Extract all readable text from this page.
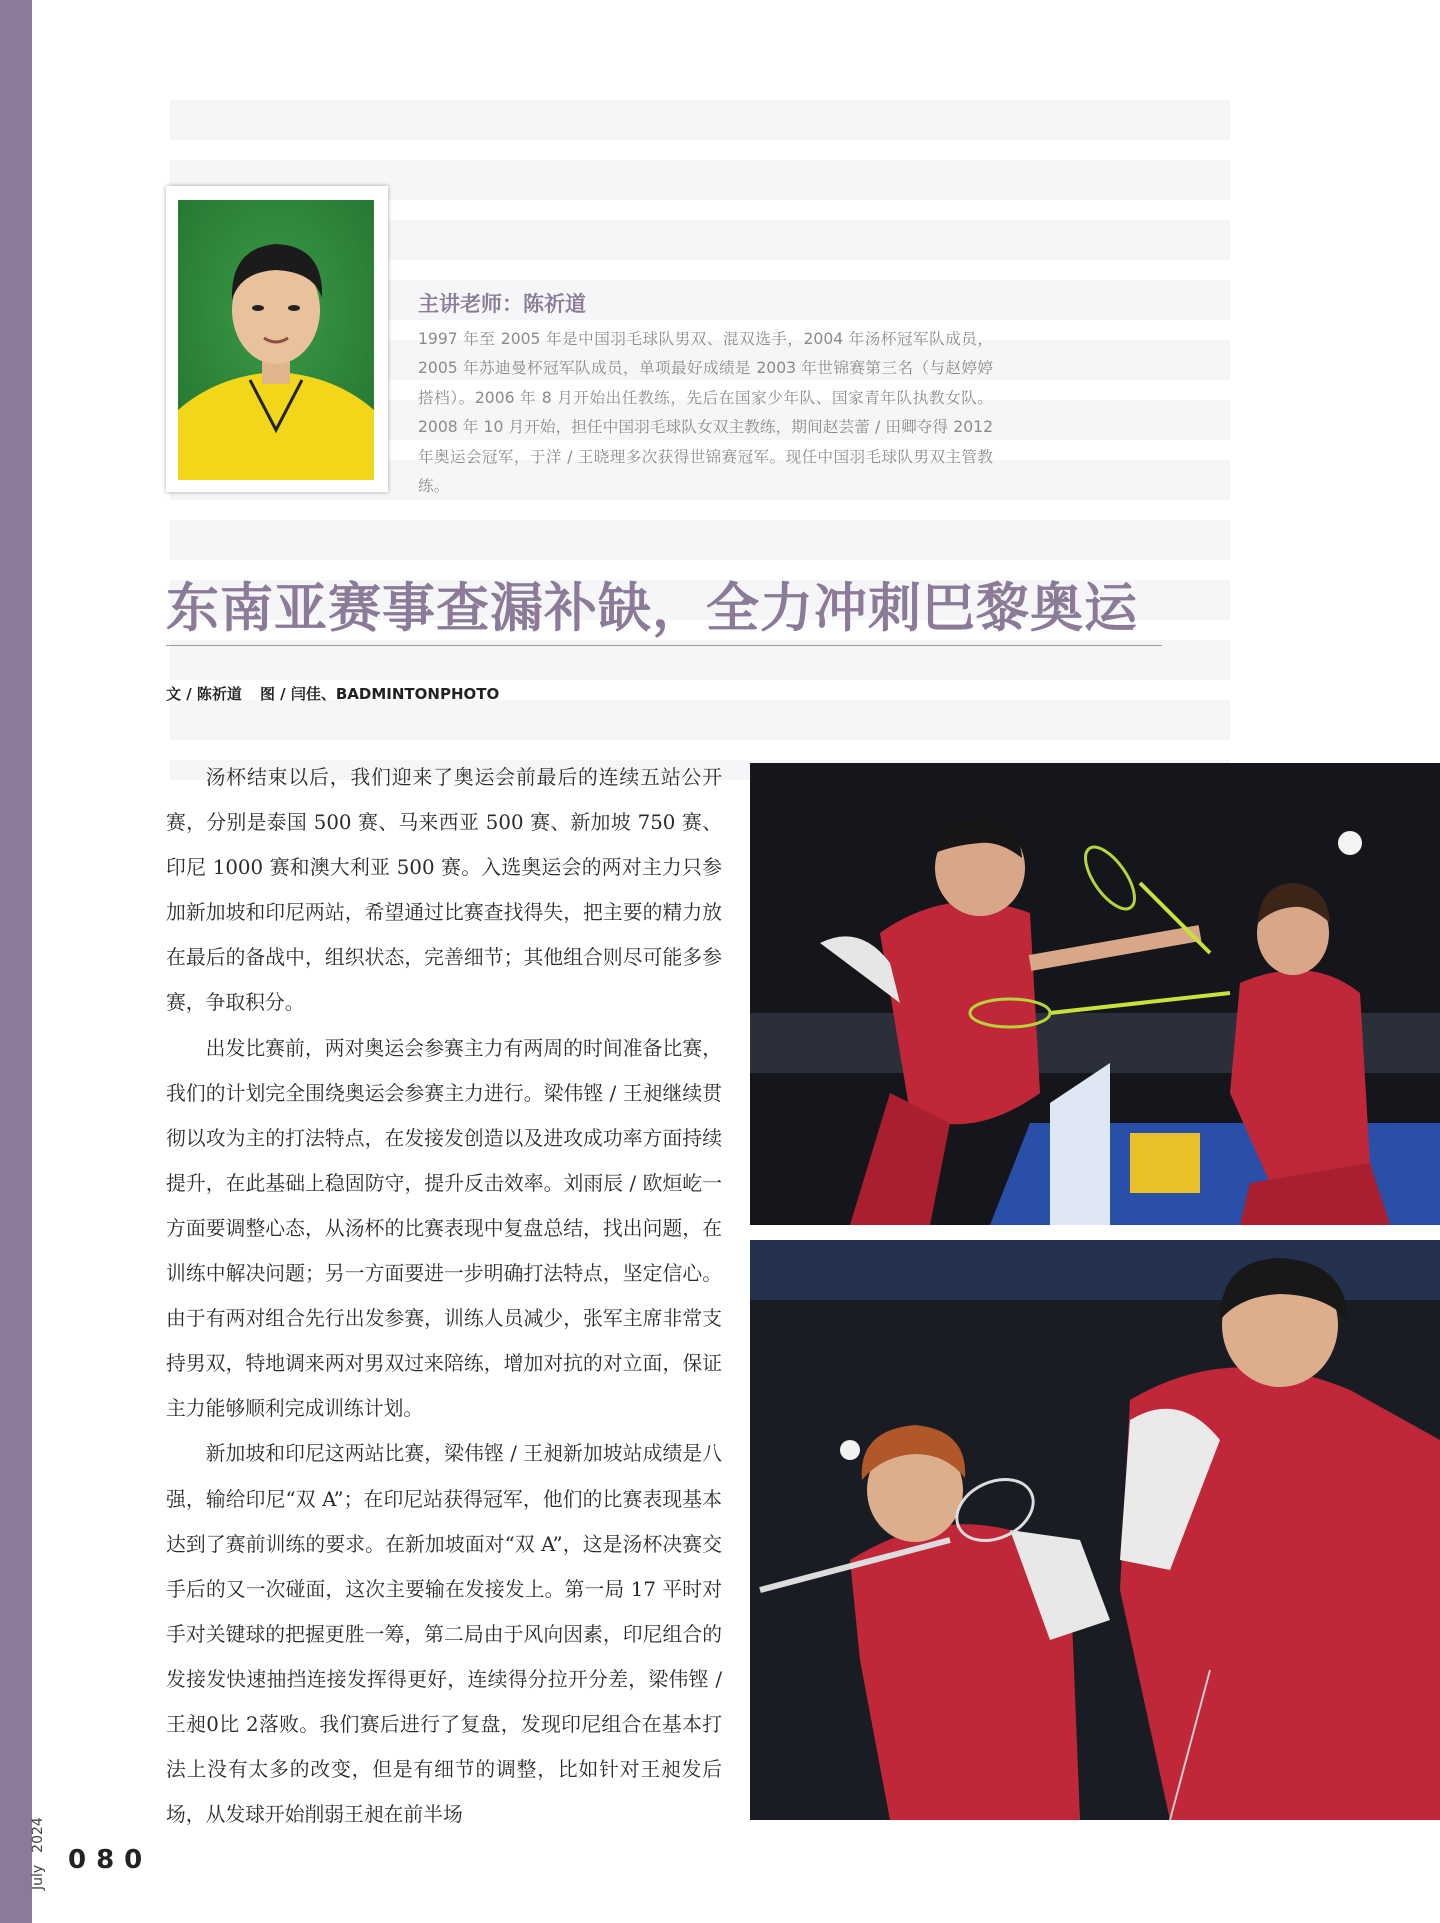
主讲老师：陈祈道

1997 年至 2005 年是中国羽毛球队男双、混双选手，2004 年汤杯冠军队成员，2005 年苏迪曼杯冠军队成员，单项最好成绩是 2003 年世锦赛第三名（与赵婷婷搭档）。2006 年 8 月开始出任教练，先后在国家少年队、国家青年队执教女队。2008 年 10 月开始，担任中国羽毛球队女双主教练，期间赵芸蕾 / 田卿夺得 2012 年奥运会冠军，于洋 / 王晓理多次获得世锦赛冠军。现任中国羽毛球队男双主管教练。

东南亚赛事查漏补缺，全力冲刺巴黎奥运
文 / 陈祈道 图 / 闫佳、BADMINTONPHOTO

汤杯结束以后，我们迎来了奥运会前最后的连续五站公开赛，分别是泰国 500 赛、马来西亚 500 赛、新加坡 750 赛、印尼 1000 赛和澳大利亚 500 赛。入选奥运会的两对主力只参加新加坡和印尼两站，希望通过比赛查找得失，把主要的精力放在最后的备战中，组织状态，完善细节；其他组合则尽可能多参赛，争取积分。

出发比赛前，两对奥运会参赛主力有两周的时间准备比赛，我们的计划完全围绕奥运会参赛主力进行。梁伟铿 / 王昶继续贯彻以攻为主的打法特点，在发接发创造以及进攻成功率方面持续提升，在此基础上稳固防守，提升反击效率。刘雨辰 / 欧烜屹一方面要调整心态，从汤杯的比赛表现中复盘总结，找出问题，在训练中解决问题；另一方面要进一步明确打法特点，坚定信心。由于有两对组合先行出发参赛，训练人员减少，张军主席非常支持男双，特地调来两对男双过来陪练，增加对抗的对立面，保证主力能够顺利完成训练计划。

新加坡和印尼这两站比赛，梁伟铿 / 王昶新加坡站成绩是八强，输给印尼“双 A”；在印尼站获得冠军，他们的比赛表现基本达到了赛前训练的要求。在新加坡面对“双 A”，这是汤杯决赛交手后的又一次碰面，这次主要输在发接发上。第一局 17 平时对手对关键球的把握更胜一筹，第二局由于风向因素，印尼组合的发接发快速抽挡连接发挥得更好，连续得分拉开分差，梁伟铿 / 王昶0比 2落败。我们赛后进行了复盘，发现印尼组合在基本打法上没有太多的改变，但是有细节的调整，比如针对王昶发后场，从发球开始削弱王昶在前半场

July2024
080
